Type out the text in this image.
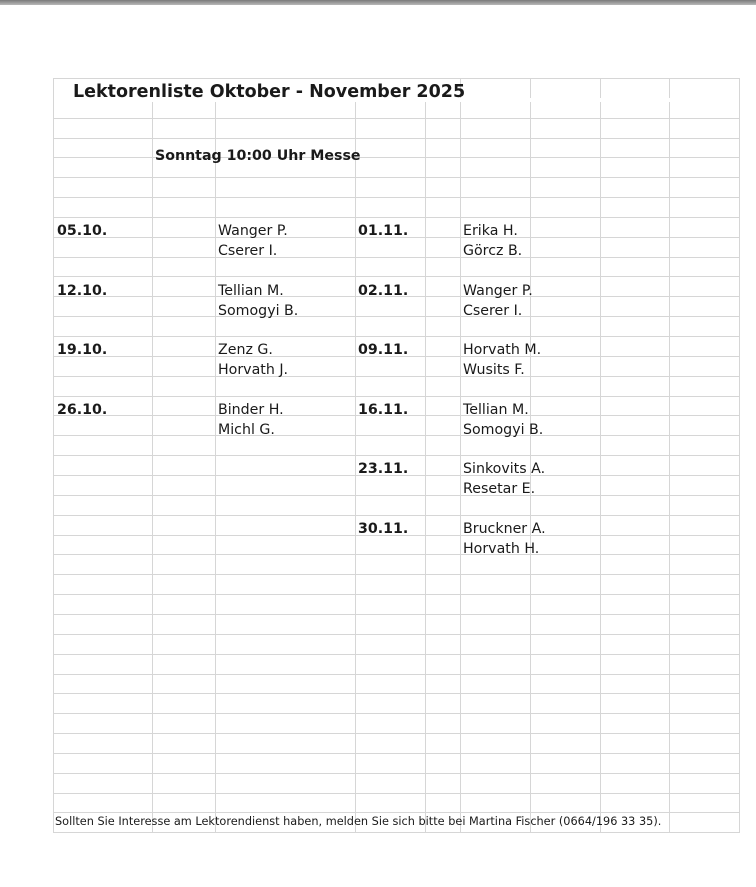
Lektorenliste Oktober - November 2025
Sonntag 10:00 Uhr Messe
05.10.	Wanger P.
Cserer I.
12.10.	Tellian M.
Somogyi B.
19.10.	Zenz G.
Horvath J.
26.10.	Binder H.
Michl G.
01.11.	Erika H.
Görcz B.
02.11.	Wanger P.
Cserer I.
09.11.	Horvath M.
Wusits F.
16.11.	Tellian M.
Somogyi B.
23.11.	Sinkovits A.
Resetar E.
30.11.	Bruckner A.
Horvath H.
Sollten Sie Interesse am Lektorendienst haben, melden Sie sich bitte bei Martina Fischer (0664/196 33 35).
